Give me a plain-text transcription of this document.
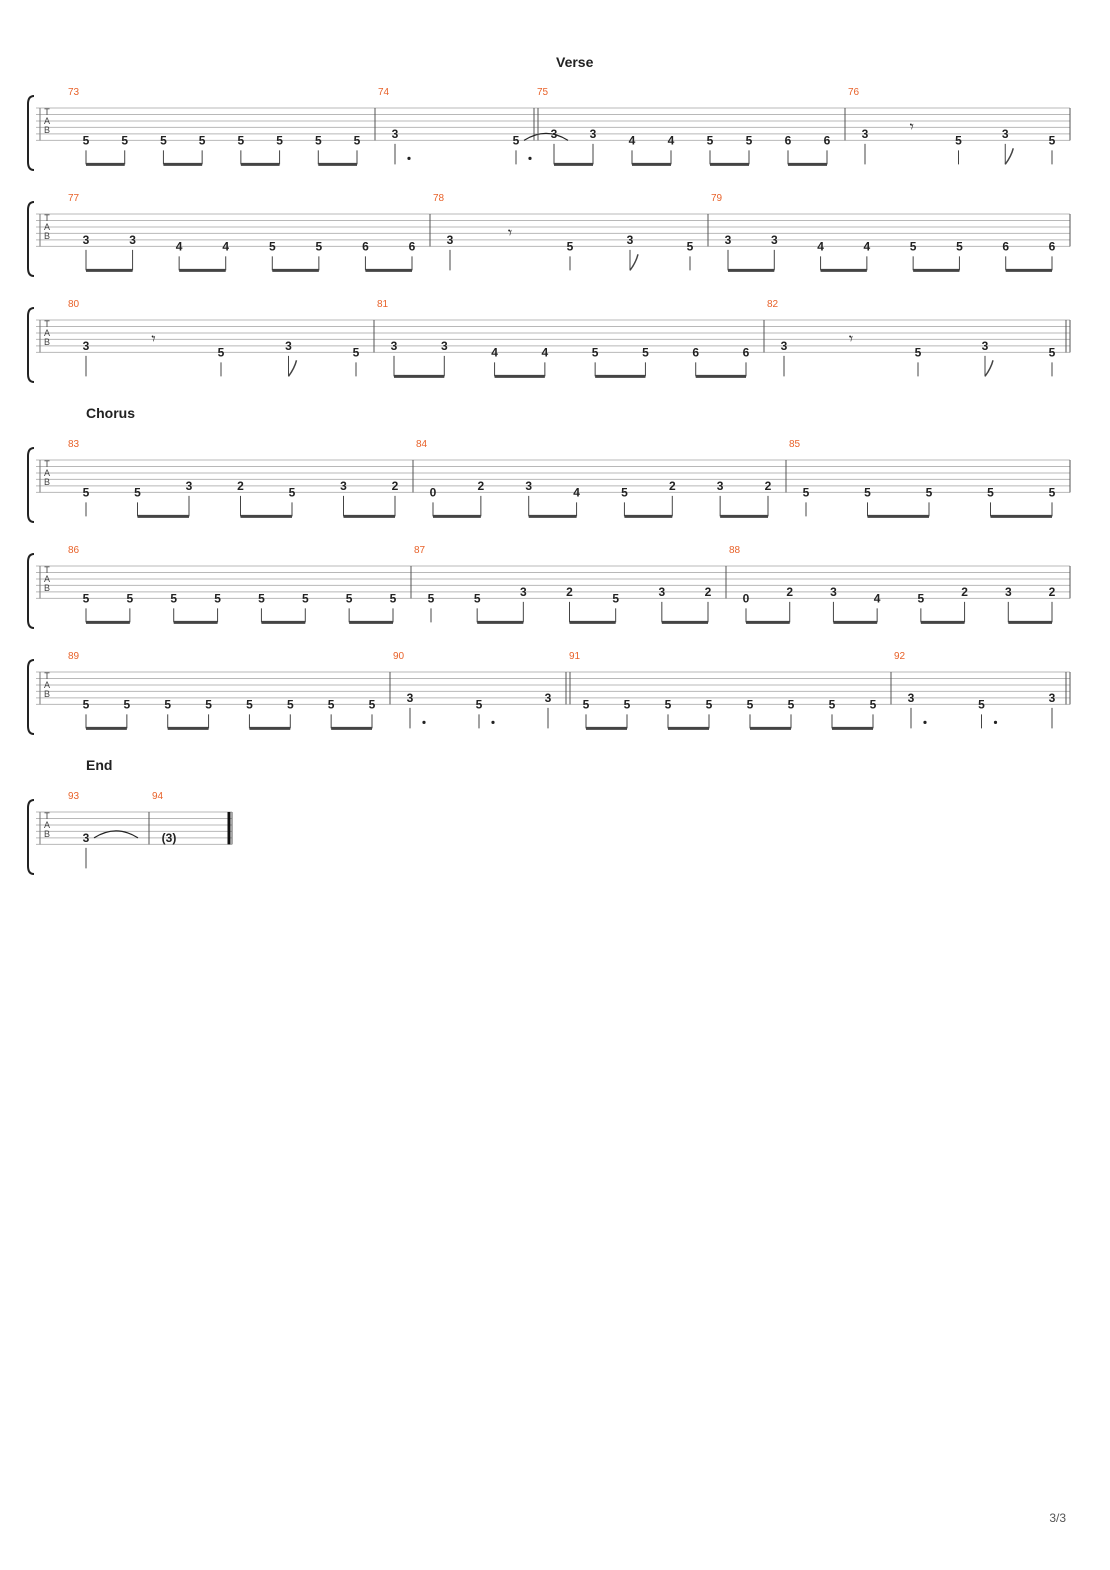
Verse
Chorus
End
3/3
T
A
B
73
5	5	5	5	5	5	5	5
74
3	5
75
3	3	4	4	5	5	6	6
76
3	𝄾
5	3	5
T
A
B
77
3	3	4	4	5	5	6	6
78
3	𝄾
5	3	5
79
3	3	4	4	5	5	6	6
T
A
B
80
3	𝄾
5	3	5
81
3	3	4	4	5	5	6	6
82
3	𝄾
5	3	5
T
A
B
83
5	5	3	2	5	3	2
84
0	2	3	4	5	2	3	2
85
5	5	5	5	5
T
A
B
86
5	5	5	5	5	5	5	5
87
5	5	3	2	5	3	2
88
0	2	3	4	5	2	3	2
T
A
B
89
5	5	5	5	5	5	5	5
90
3	5	3
91
5	5	5	5	5	5	5	5
92
3	5	3
T
A
B
93
3
94
(3)
